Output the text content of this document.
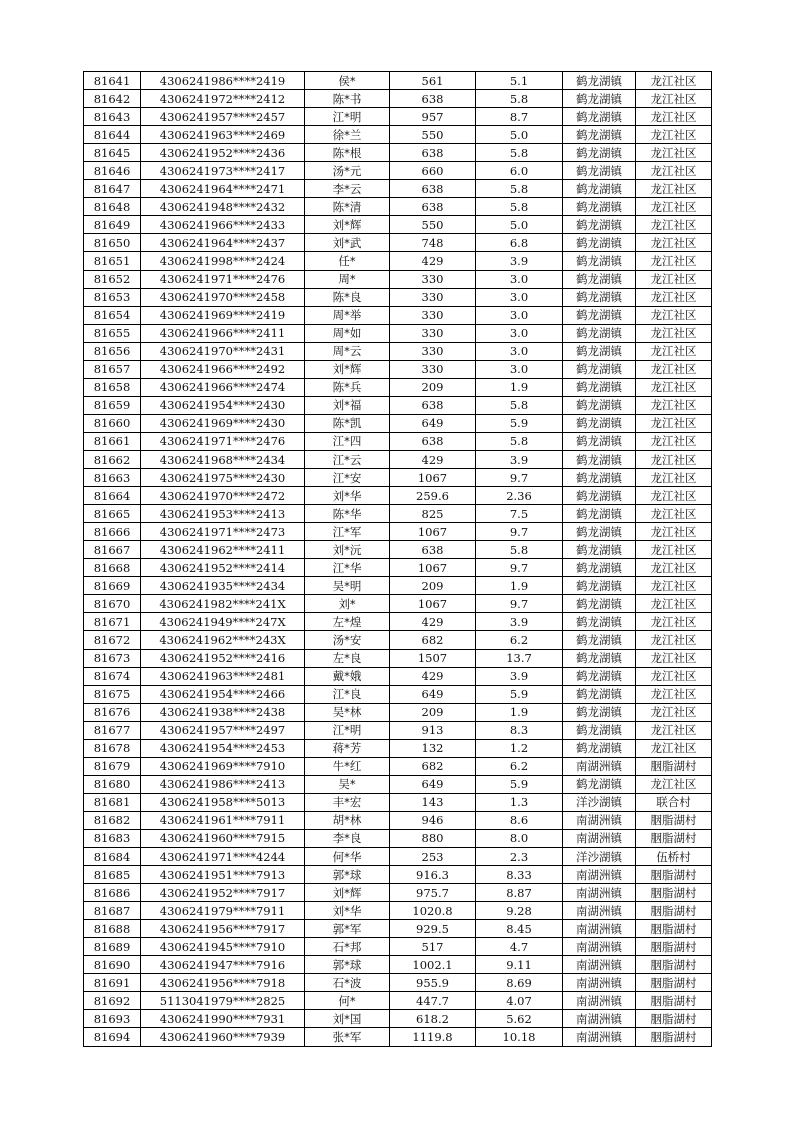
81641	4306241986****2419	侯*	561	5.1	鹤龙湖镇	龙江社区
81642	4306241972****2412	陈*书	638	5.8	鹤龙湖镇	龙江社区
81643	4306241957****2457	江*明	957	8.7	鹤龙湖镇	龙江社区
81644	4306241963****2469	徐*兰	550	5.0	鹤龙湖镇	龙江社区
81645	4306241952****2436	陈*根	638	5.8	鹤龙湖镇	龙江社区
81646	4306241973****2417	汤*元	660	6.0	鹤龙湖镇	龙江社区
81647	4306241964****2471	李*云	638	5.8	鹤龙湖镇	龙江社区
81648	4306241948****2432	陈*清	638	5.8	鹤龙湖镇	龙江社区
81649	4306241966****2433	刘*辉	550	5.0	鹤龙湖镇	龙江社区
81650	4306241964****2437	刘*武	748	6.8	鹤龙湖镇	龙江社区
81651	4306241998****2424	任*	429	3.9	鹤龙湖镇	龙江社区
81652	4306241971****2476	周*	330	3.0	鹤龙湖镇	龙江社区
81653	4306241970****2458	陈*良	330	3.0	鹤龙湖镇	龙江社区
81654	4306241969****2419	周*举	330	3.0	鹤龙湖镇	龙江社区
81655	4306241966****2411	周*如	330	3.0	鹤龙湖镇	龙江社区
81656	4306241970****2431	周*云	330	3.0	鹤龙湖镇	龙江社区
81657	4306241966****2492	刘*辉	330	3.0	鹤龙湖镇	龙江社区
81658	4306241966****2474	陈*兵	209	1.9	鹤龙湖镇	龙江社区
81659	4306241954****2430	刘*福	638	5.8	鹤龙湖镇	龙江社区
81660	4306241969****2430	陈*凯	649	5.9	鹤龙湖镇	龙江社区
81661	4306241971****2476	江*四	638	5.8	鹤龙湖镇	龙江社区
81662	4306241968****2434	江*云	429	3.9	鹤龙湖镇	龙江社区
81663	4306241975****2430	江*安	1067	9.7	鹤龙湖镇	龙江社区
81664	4306241970****2472	刘*华	259.6	2.36	鹤龙湖镇	龙江社区
81665	4306241953****2413	陈*华	825	7.5	鹤龙湖镇	龙江社区
81666	4306241971****2473	江*军	1067	9.7	鹤龙湖镇	龙江社区
81667	4306241962****2411	刘*沅	638	5.8	鹤龙湖镇	龙江社区
81668	4306241952****2414	江*华	1067	9.7	鹤龙湖镇	龙江社区
81669	4306241935****2434	吴*明	209	1.9	鹤龙湖镇	龙江社区
81670	4306241982****241X	刘*	1067	9.7	鹤龙湖镇	龙江社区
81671	4306241949****247X	左*煌	429	3.9	鹤龙湖镇	龙江社区
81672	4306241962****243X	汤*安	682	6.2	鹤龙湖镇	龙江社区
81673	4306241952****2416	左*良	1507	13.7	鹤龙湖镇	龙江社区
81674	4306241963****2481	戴*娥	429	3.9	鹤龙湖镇	龙江社区
81675	4306241954****2466	江*良	649	5.9	鹤龙湖镇	龙江社区
81676	4306241938****2438	吴*林	209	1.9	鹤龙湖镇	龙江社区
81677	4306241957****2497	江*明	913	8.3	鹤龙湖镇	龙江社区
81678	4306241954****2453	蒋*芳	132	1.2	鹤龙湖镇	龙江社区
81679	4306241969****7910	牛*红	682	6.2	南湖洲镇	胭脂湖村
81680	4306241986****2413	吴*	649	5.9	鹤龙湖镇	龙江社区
81681	4306241958****5013	丰*宏	143	1.3	洋沙湖镇	联合村
81682	4306241961****7911	胡*林	946	8.6	南湖洲镇	胭脂湖村
81683	4306241960****7915	李*良	880	8.0	南湖洲镇	胭脂湖村
81684	4306241971****4244	何*华	253	2.3	洋沙湖镇	伍桥村
81685	4306241951****7913	郭*球	916.3	8.33	南湖洲镇	胭脂湖村
81686	4306241952****7917	刘*辉	975.7	8.87	南湖洲镇	胭脂湖村
81687	4306241979****7911	刘*华	1020.8	9.28	南湖洲镇	胭脂湖村
81688	4306241956****7917	郭*军	929.5	8.45	南湖洲镇	胭脂湖村
81689	4306241945****7910	石*邦	517	4.7	南湖洲镇	胭脂湖村
81690	4306241947****7916	郭*球	1002.1	9.11	南湖洲镇	胭脂湖村
81691	4306241956****7918	石*波	955.9	8.69	南湖洲镇	胭脂湖村
81692	5113041979****2825	何*	447.7	4.07	南湖洲镇	胭脂湖村
81693	4306241990****7931	刘*国	618.2	5.62	南湖洲镇	胭脂湖村
81694	4306241960****7939	张*军	1119.8	10.18	南湖洲镇	胭脂湖村
